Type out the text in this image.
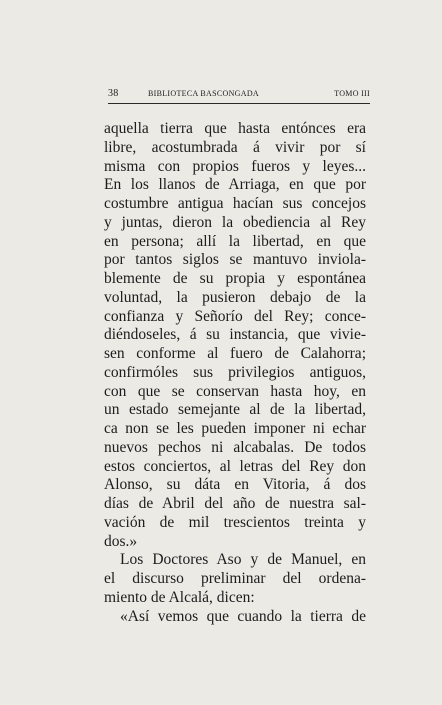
38	BIBLIOTECA BASCONGADA	TOMO III
aquella tierra que hasta entónces era
libre, acostumbrada á vivir por sí
misma con propios fueros y leyes...
En los llanos de Arriaga, en que por
costumbre antigua hacían sus concejos
y juntas, dieron la obediencia al Rey
en persona; allí la libertad, en que
por tantos siglos se mantuvo inviola-
blemente de su propia y espontánea
voluntad, la pusieron debajo de la
confianza y Señorío del Rey; conce-
diéndoseles, á su instancia, que vivie-
sen conforme al fuero de Calahorra;
confirmóles sus privilegios antiguos,
con que se conservan hasta hoy, en
un estado semejante al de la libertad,
ca non se les pueden imponer ni echar
nuevos pechos ni alcabalas. De todos
estos conciertos, al letras del Rey don
Alonso, su dáta en Vitoria, á dos
días de Abril del año de nuestra sal-
vación de mil trescientos treinta y
dos.»
Los Doctores Aso y de Manuel, en
el discurso preliminar del ordena-
miento de Alcalá, dicen:
«Así vemos que cuando la tierra de
